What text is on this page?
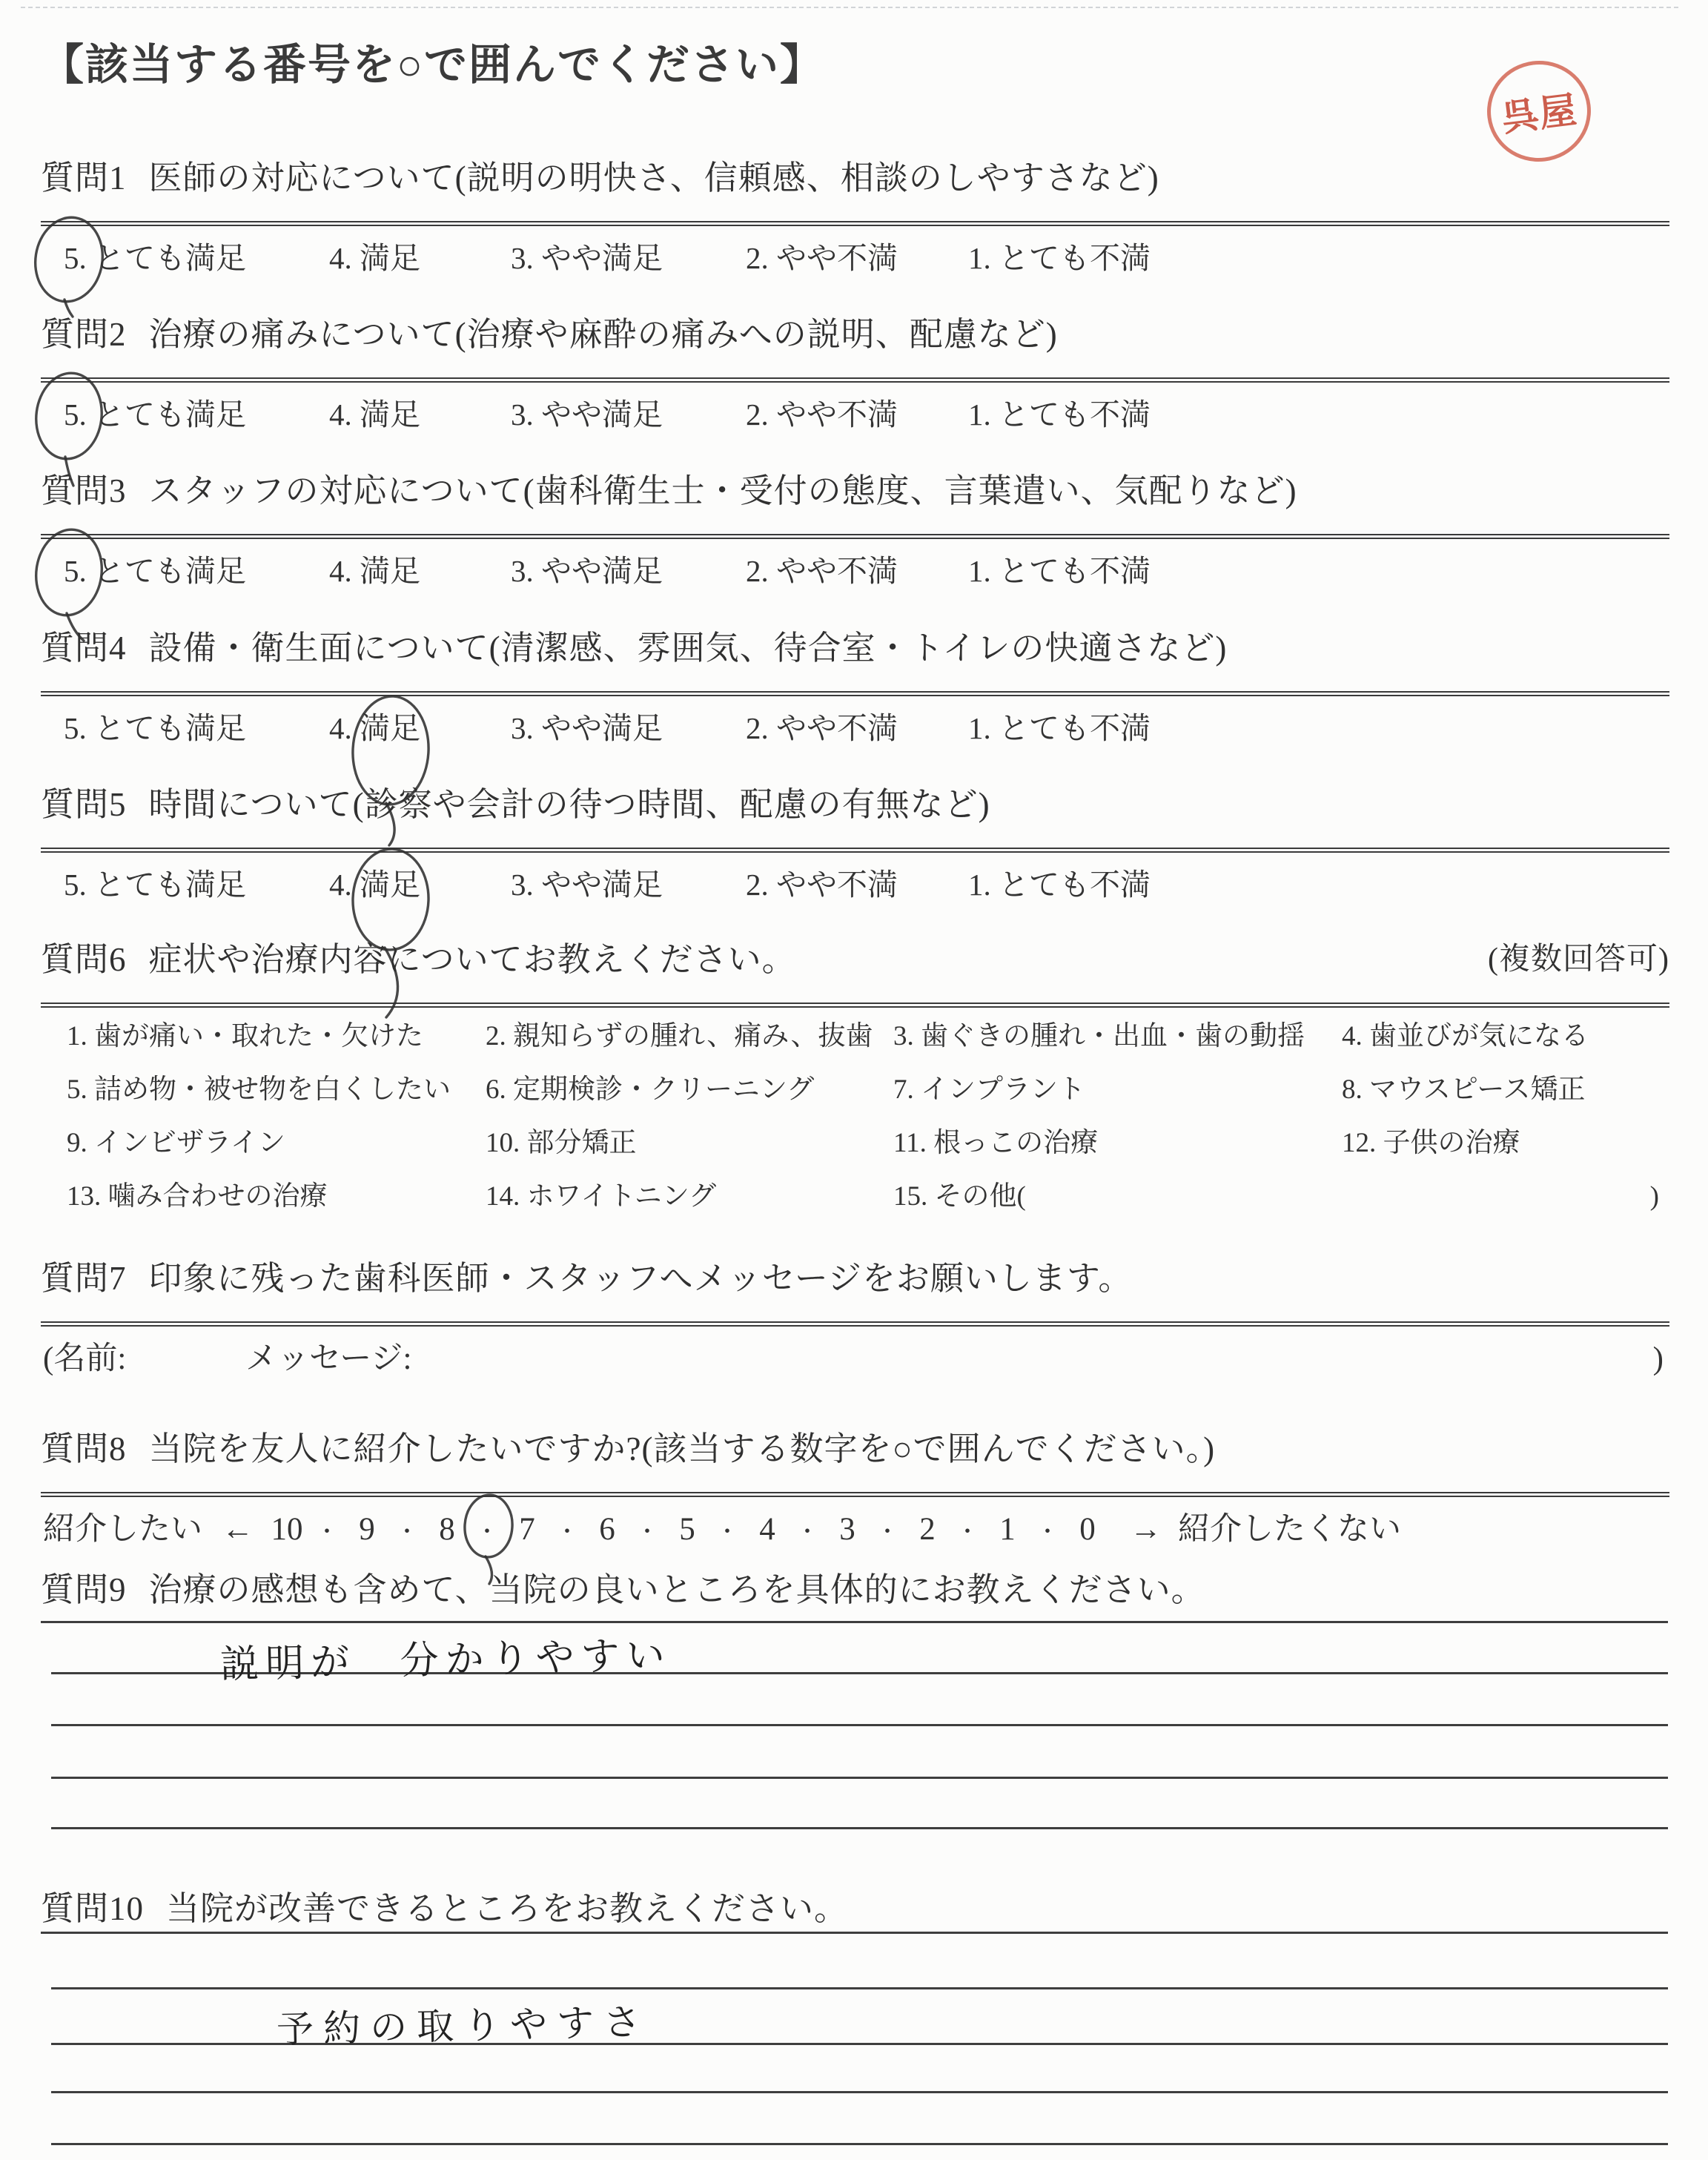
【該当する番号を○で囲んでください】
呉屋
質問1 医師の対応について(説明の明快さ、信頼感、相談のしやすさなど)
5. とても満足	4. 満足	3. やや満足	2. やや不満 1. とても不満
質問2 治療の痛みについて(治療や麻酔の痛みへの説明、配慮など)
5. とても満足	4. 満足	3. やや満足	2. やや不満 1. とても不満
質問3 スタッフの対応について(歯科衛生士・受付の態度、言葉遣い、気配りなど)
5. とても満足	4. 満足	3. やや満足	2. やや不満 1. とても不満
質問4 設備・衛生面について(清潔感、雰囲気、待合室・トイレの快適さなど)
5. とても満足	4. 満足	3. やや満足	2. やや不満 1. とても不満
質問5 時間について(診察や会計の待つ時間、配慮の有無など)
5. とても満足	4. 満足	3. やや満足	2. やや不満 1. とても不満
質問6 症状や治療内容についてお教えください。	(複数回答可)
1. 歯が痛い・取れた・欠けた	2. 親知らずの腫れ、痛み、抜歯 3. 歯ぐきの腫れ・出血・歯の動揺	4. 歯並びが気になる
5. 詰め物・被せ物を白くしたい	6. 定期検診・クリーニング	7. インプラント	8. マウスピース矯正
9. インビザライン	10. 部分矯正	11. 根っこの治療	12. 子供の治療
13. 噛み合わせの治療	14. ホワイトニング	15. その他(	)
質問7 印象に残った歯科医師・スタッフへメッセージをお願いします。
(名前:	メッセージ:	)
質問8 当院を友人に紹介したいですか?(該当する数字を○で囲んでください。)
紹介したい ← 10 ・ 9 ・ 8 ・ 7 ・ 6 ・ 5 ・ 4 ・ 3 ・ 2 ・ 1 ・ 0	→ 紹介したくない
質問9 治療の感想も含めて、当院の良いところを具体的にお教えください。
説明が 分かりやすい
質問10 当院が改善できるところをお教えください。
予約の取りやすさ
